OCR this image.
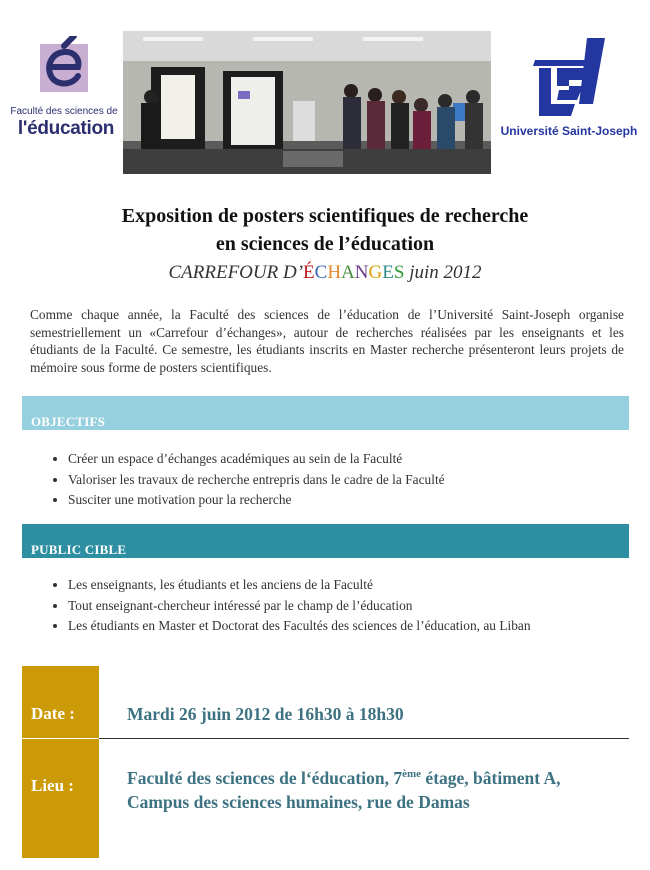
Faculté des sciences de
l'éducation	Université Saint-Joseph
Exposition de posters scientifiques de recherche
en sciences de l’éducation
CARREFOUR D’ÉCHANGES juin 2012

Comme chaque année, la Faculté des sciences de l’éducation de l’Université Saint-Joseph organise semestriellement un «Carrefour d’échanges», autour de recherches réalisées par les enseignants et les étudiants de la Faculté. Ce semestre, les étudiants inscrits en Master recherche présenteront leurs projets de mémoire sous forme de posters scientifiques.

OBJECTIFS
• Créer un espace d’échanges académiques au sein de la Faculté
• Valoriser les travaux de recherche entrepris dans le cadre de la Faculté
• Susciter une motivation pour la recherche
PUBLIC CIBLE
• Les enseignants, les étudiants et les anciens de la Faculté
• Tout enseignant-chercheur intéressé par le champ de l’éducation
• Les étudiants en Master et Doctorat des Facultés des sciences de l’éducation, au Liban
Date :
Lieu :
Mardi 26 juin 2012 de 16h30 à 18h30
Faculté des sciences de l‘éducation, 7ème étage, bâtiment A,
Campus des sciences humaines, rue de Damas
